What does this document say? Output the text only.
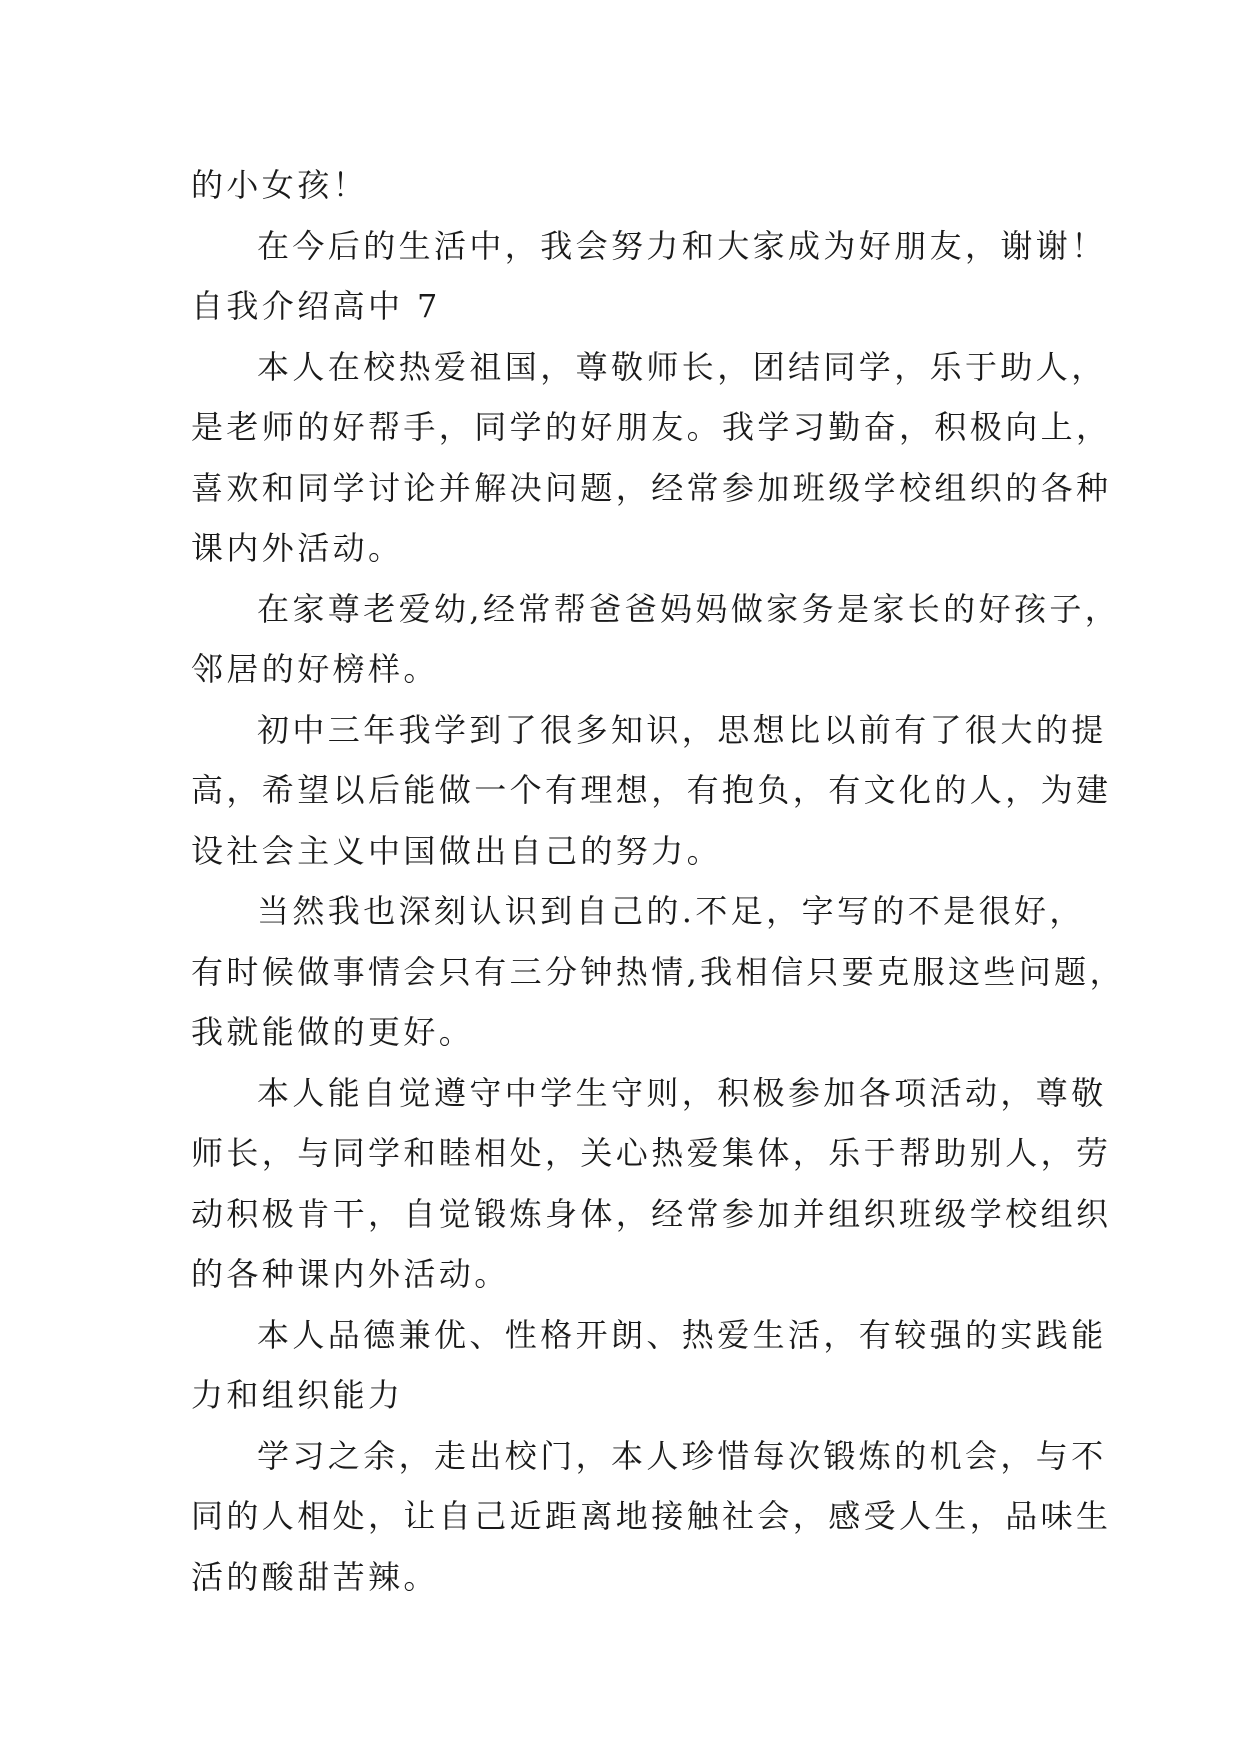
的小女孩！
在今后的生活中，我会努力和大家成为好朋友，谢谢！
自我介绍高中 7
本人在校热爱祖国，尊敬师长，团结同学，乐于助人，
是老师的好帮手，同学的好朋友。我学习勤奋，积极向上，
喜欢和同学讨论并解决问题，经常参加班级学校组织的各种
课内外活动。
在家尊老爱幼,经常帮爸爸妈妈做家务是家长的好孩子，
邻居的好榜样。
初中三年我学到了很多知识，思想比以前有了很大的提
高，希望以后能做一个有理想，有抱负，有文化的人，为建
设社会主义中国做出自己的努力。
当然我也深刻认识到自己的.不足，字写的不是很好，
有时候做事情会只有三分钟热情,我相信只要克服这些问题，
我就能做的更好。
本人能自觉遵守中学生守则，积极参加各项活动，尊敬
师长，与同学和睦相处，关心热爱集体，乐于帮助别人，劳
动积极肯干，自觉锻炼身体，经常参加并组织班级学校组织
的各种课内外活动。
本人品德兼优、性格开朗、热爱生活，有较强的实践能
力和组织能力
学习之余，走出校门，本人珍惜每次锻炼的机会，与不
同的人相处，让自己近距离地接触社会，感受人生，品味生
活的酸甜苦辣。
